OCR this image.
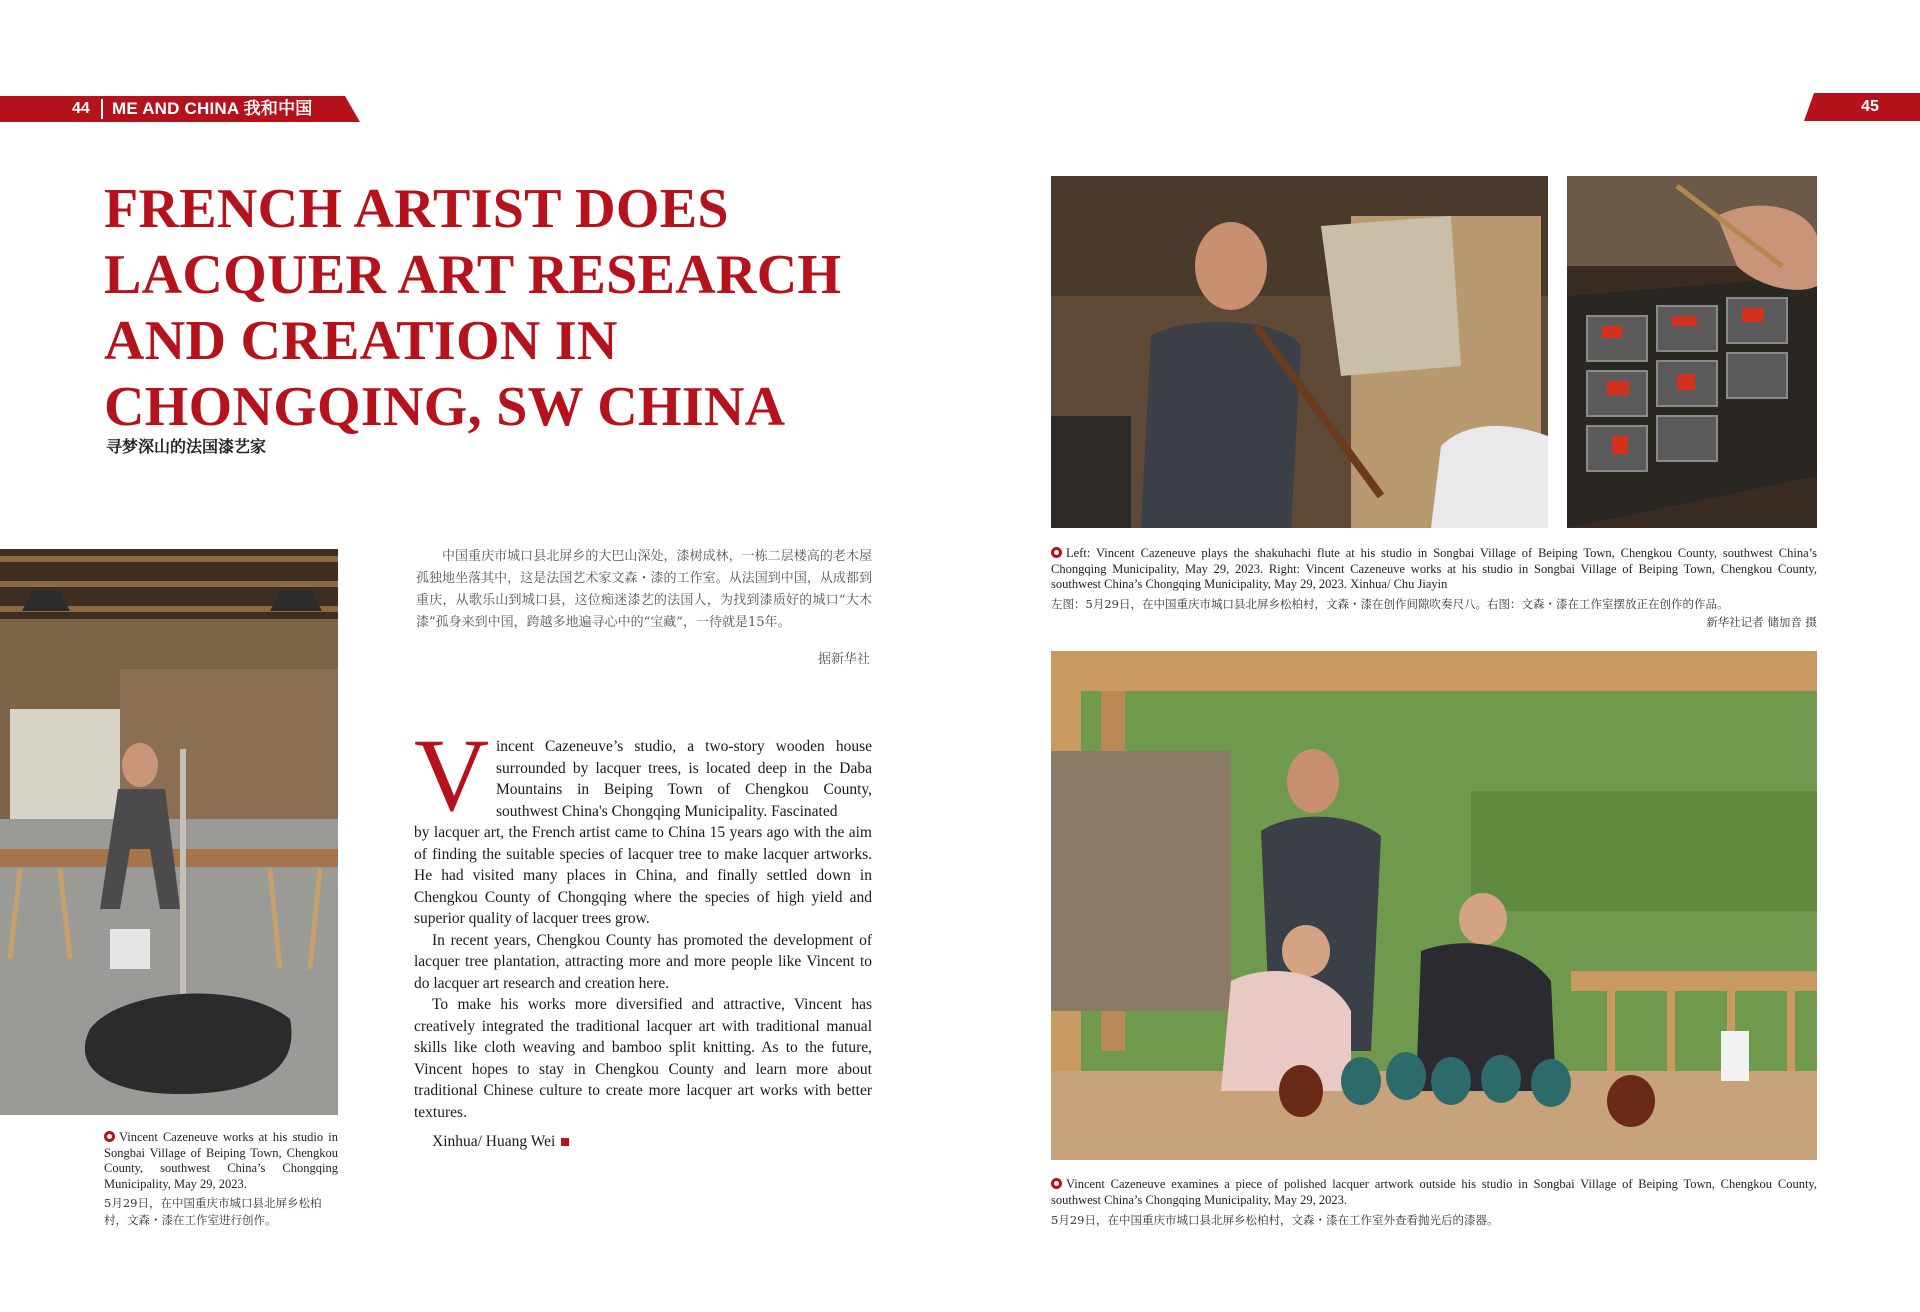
44 ME AND CHINA 我和中国	45
FRENCH ARTIST DOES LACQUER ART RESEARCH AND CREATION IN CHONGQING, SW CHINA
寻梦深山的法国漆艺家
Vincent Cazeneuve works at his studio in Songbai Village of Beiping Town, Chengkou County, southwest China’s Chongqing Municipality, May 29, 2023.
5月29日，在中国重庆市城口县北屏乡松柏村，文森・漆在工作室进行创作。

中国重庆市城口县北屏乡的大巴山深处，漆树成林，一栋二层楼高的老木屋孤独地坐落其中，这是法国艺术家文森・漆的工作室。从法国到中国，从成都到重庆，从歌乐山到城口县，这位痴迷漆艺的法国人，为找到漆质好的城口“大木漆”孤身来到中国，跨越多地遍寻心中的“宝藏”，一待就是15年。

据新华社
V incent Cazeneuve’s studio, a two-story wooden house surrounded by lacquer trees, is located deep in the Daba Mountains in Beiping Town of Chengkou County, southwest China's Chongqing Municipality. Fascinated

by lacquer art, the French artist came to China 15 years ago with the aim of finding the suitable species of lacquer tree to make lacquer artworks. He had visited many places in China, and finally settled down in Chengkou County of Chongqing where the species of high yield and superior quality of lacquer trees grow.

In recent years, Chengkou County has promoted the development of lacquer tree plantation, attracting more and more people like Vincent to do lacquer art research and creation here.

To make his works more diversified and attractive, Vincent has creatively integrated the traditional lacquer art with traditional manual skills like cloth weaving and bamboo split knitting. As to the future, Vincent hopes to stay in Chengkou County and learn more about traditional Chinese culture to create more lacquer art works with better textures.

Xinhua/ Huang Wei
Left: Vincent Cazeneuve plays the shakuhachi flute at his studio in Songbai Village of Beiping Town, Chengkou County, southwest China’s Chongqing Municipality, May 29, 2023. Right: Vincent Cazeneuve works at his studio in Songbai Village of Beiping Town, Chengkou County, southwest China’s Chongqing Municipality, May 29, 2023. Xinhua/ Chu Jiayin
左图：5月29日，在中国重庆市城口县北屏乡松柏村，文森・漆在创作间隙吹奏尺八。右图：文森・漆在工作室摆放正在创作的作品。
新华社记者 储加音 摄
Vincent Cazeneuve examines a piece of polished lacquer artwork outside his studio in Songbai Village of Beiping Town, Chengkou County, southwest China’s Chongqing Municipality, May 29, 2023.
5月29日，在中国重庆市城口县北屏乡松柏村，文森・漆在工作室外查看抛光后的漆器。
